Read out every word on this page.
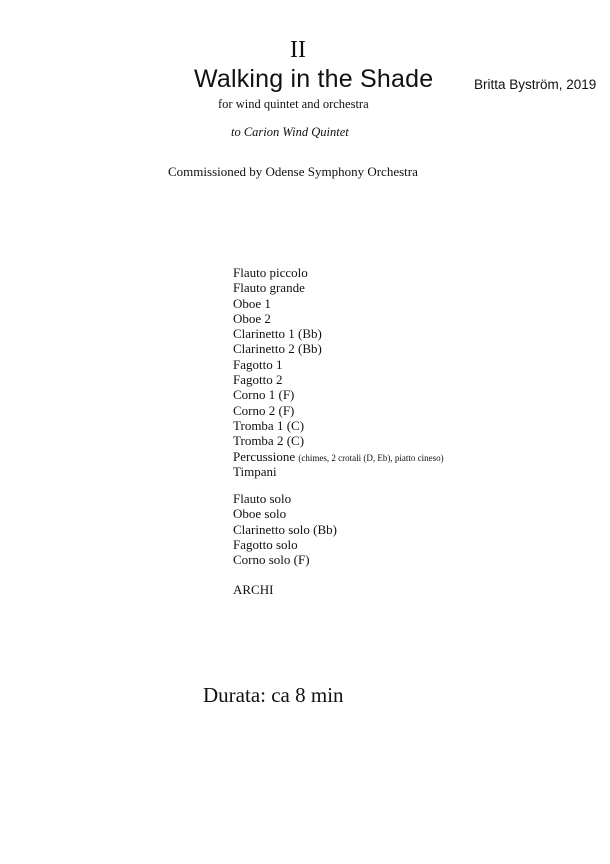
II
Walking in the Shade	Britta Byström, 2019
for wind quintet and orchestra
to Carion Wind Quintet
Commissioned by Odense Symphony Orchestra
Flauto piccolo
Flauto grande
Oboe 1
Oboe 2
Clarinetto 1 (Bb)
Clarinetto 2 (Bb)
Fagotto 1
Fagotto 2
Corno 1 (F)
Corno 2 (F)
Tromba 1 (C)
Tromba 2 (C)
Percussione (chimes, 2 crotali (D, Eb), piatto cineso)
Timpani
Flauto solo
Oboe solo
Clarinetto solo (Bb)
Fagotto solo
Corno solo (F)
ARCHI
Durata: ca 8 min
